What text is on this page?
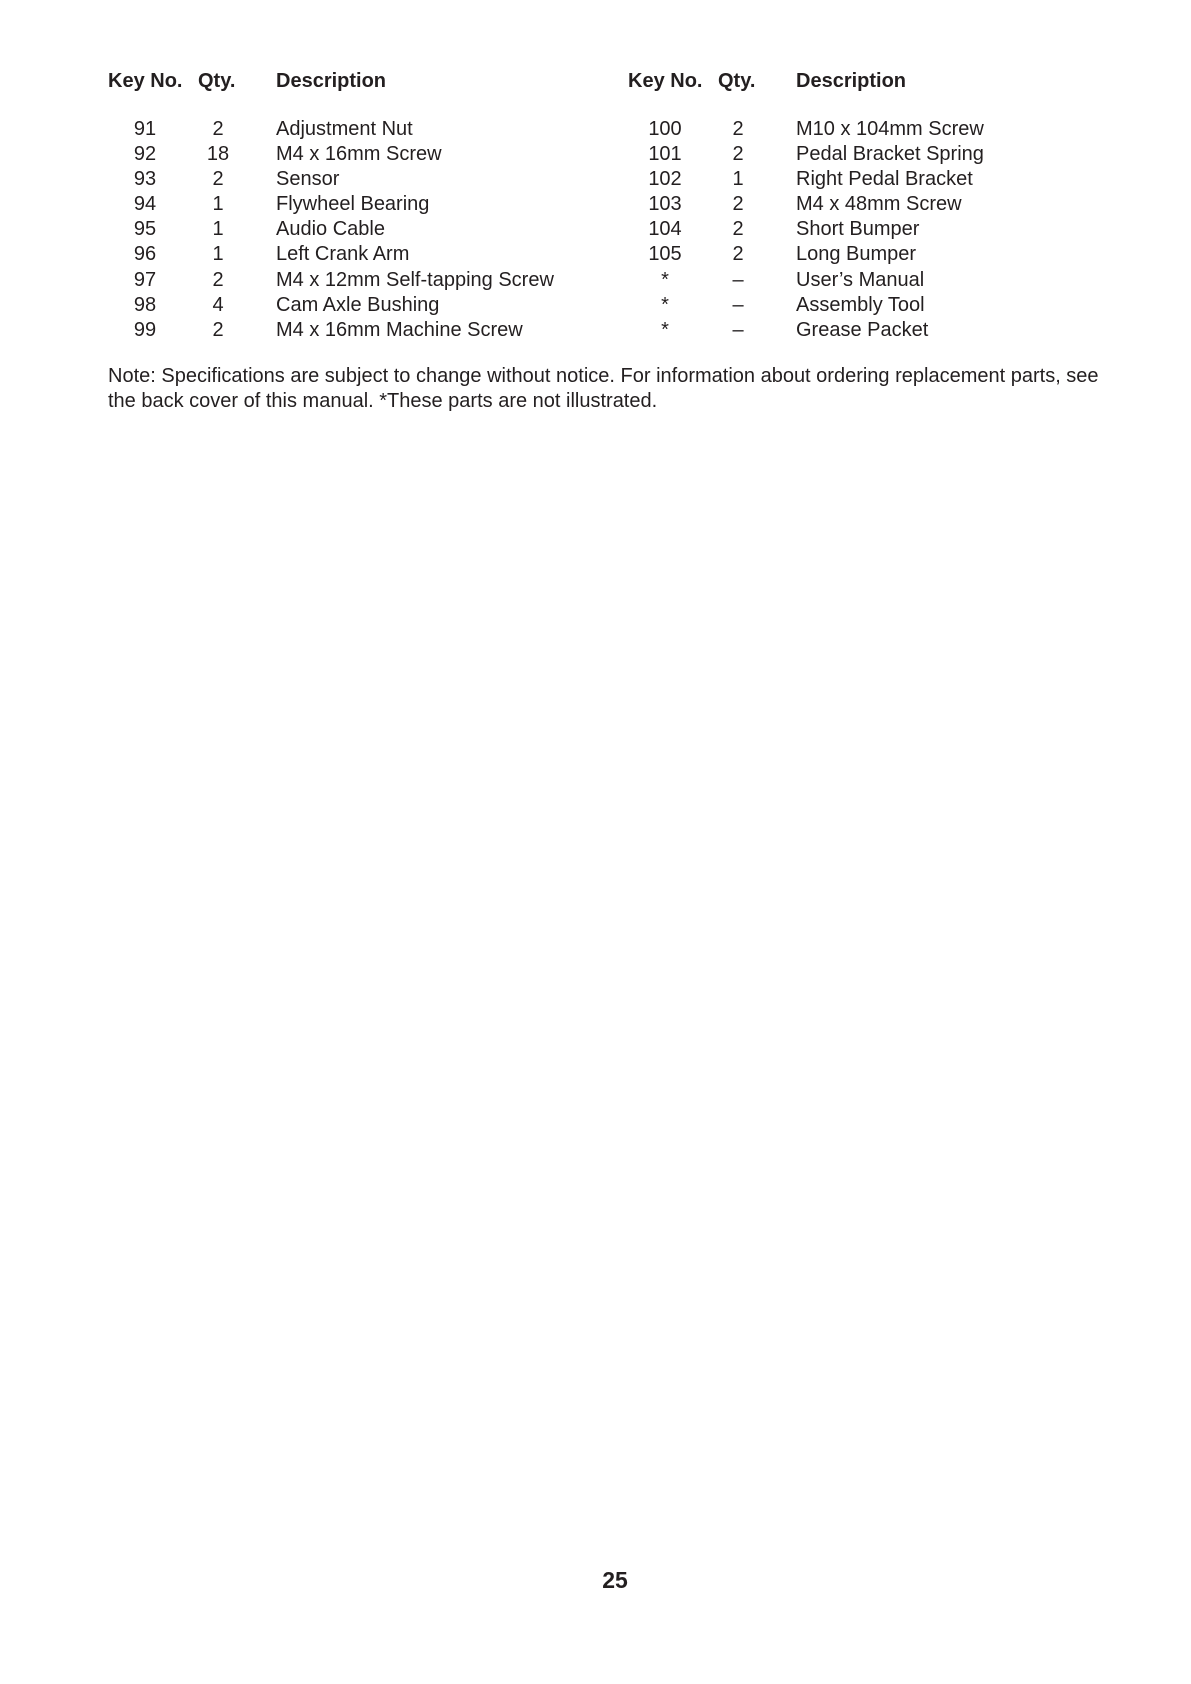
Key No. Qty. Description
91	2	Adjustment Nut
92	18	M4 x 16mm Screw
93	2	Sensor
94	1	Flywheel Bearing
95	1	Audio Cable
96	1	Left Crank Arm
97	2	M4 x 12mm Self-tapping Screw
98	4	Cam Axle Bushing
99	2	M4 x 16mm Machine Screw
Key No. Qty. Description
100	2	M10 x 104mm Screw
101	2	Pedal Bracket Spring
102	1	Right Pedal Bracket
103	2	M4 x 48mm Screw
104	2	Short Bumper
105	2	Long Bumper
*	–	User’s Manual
*	–	Assembly Tool
*	–	Grease Packet
Note: Specifications are subject to change without notice. For information about ordering replacement parts, see
the back cover of this manual. *These parts are not illustrated.
25
